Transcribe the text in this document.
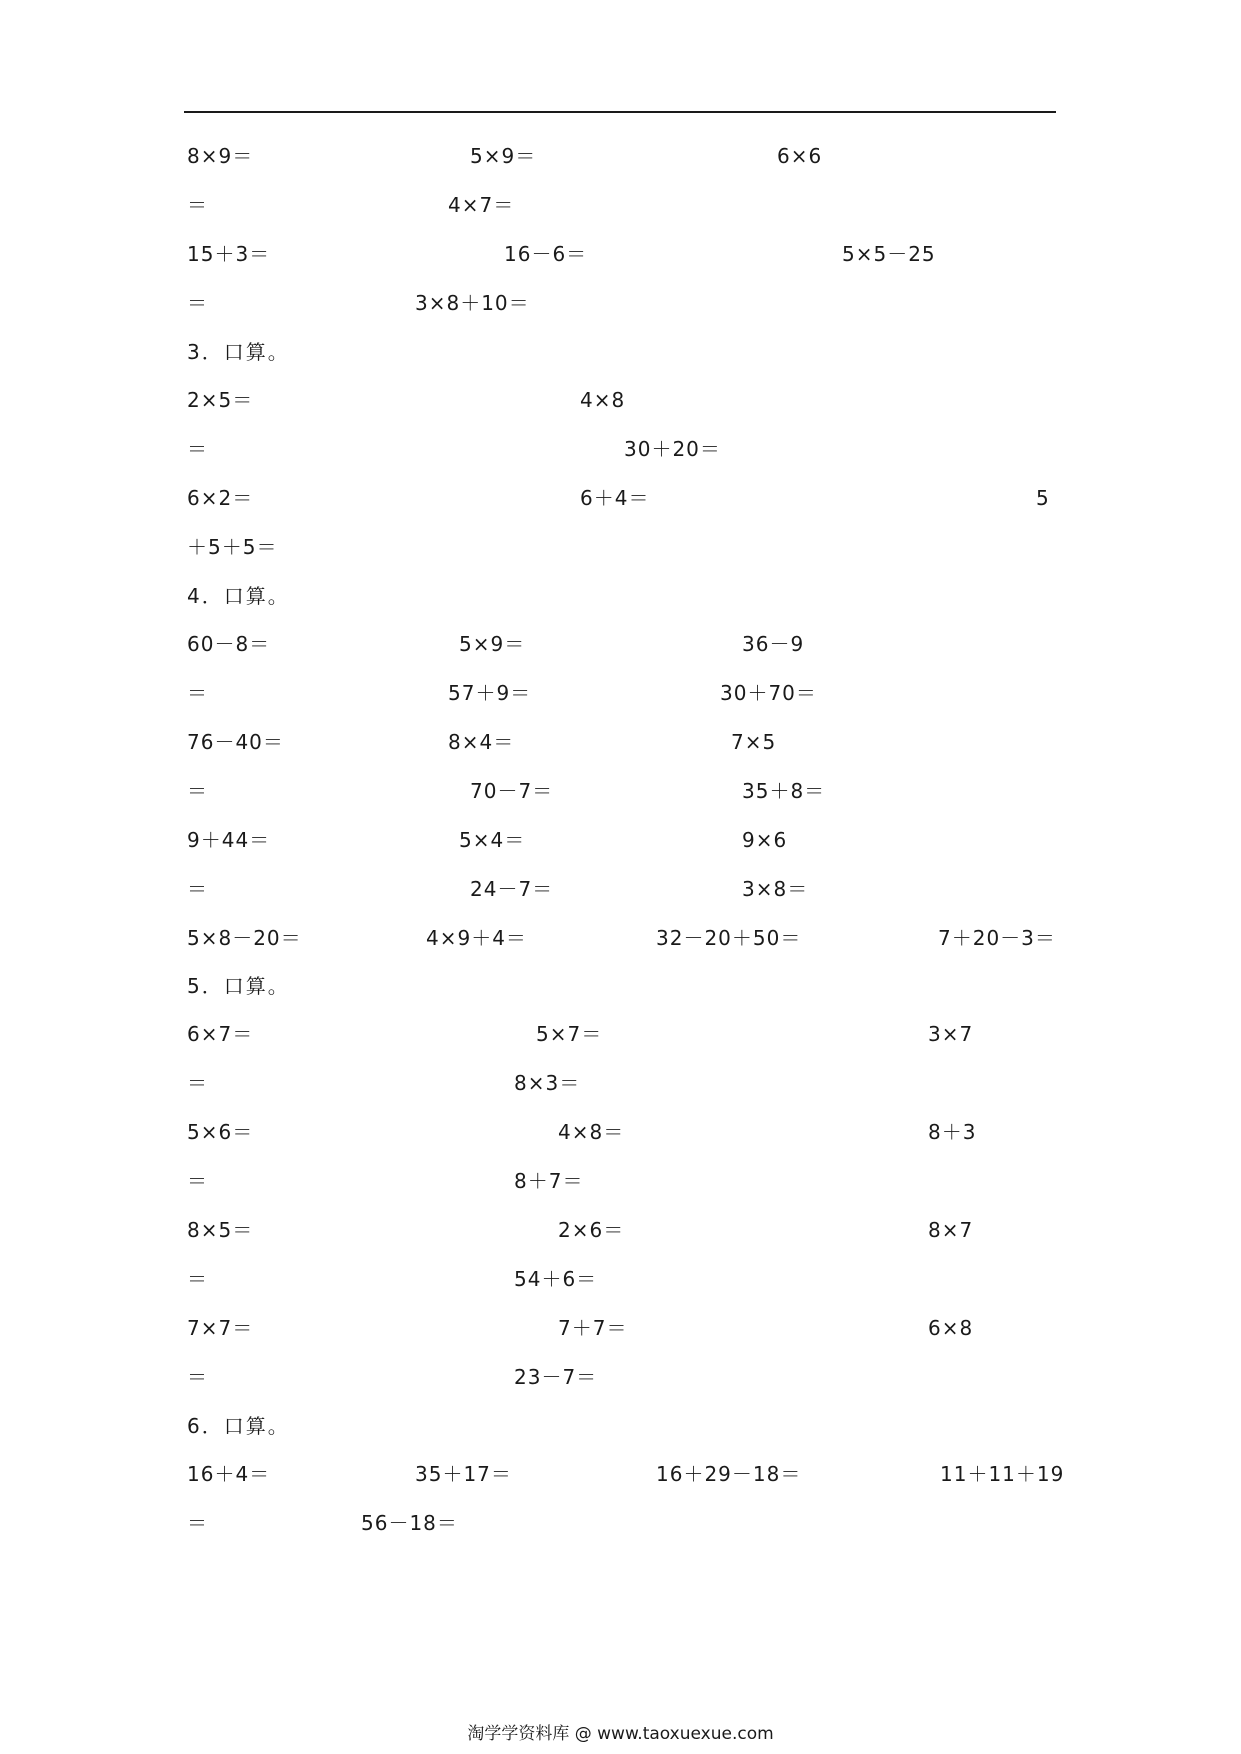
8×9＝	5×9＝	6×6
＝	4×7＝
15＋3＝	16－6＝	5×5－25
＝	3×8＋10＝
3．口算。
2×5＝	4×8
＝	30＋20＝
6×2＝	6＋4＝	5
＋5＋5＝
4．口算。
60－8＝	5×9＝	36－9
＝	57＋9＝	30＋70＝
76－40＝	8×4＝	7×5
＝	70－7＝	35＋8＝
9＋44＝	5×4＝	9×6
＝	24－7＝	3×8＝
5×8－20＝	4×9＋4＝	32－20＋50＝	7＋20－3＝
5．口算。
6×7＝	5×7＝	3×7
＝	8×3＝
5×6＝	4×8＝	8＋3
＝	8＋7＝
8×5＝	2×6＝	8×7
＝	54＋6＝
7×7＝	7＋7＝	6×8
＝	23－7＝
6．口算。
16＋4＝	35＋17＝	16＋29－18＝	11＋11＋19
＝	56－18＝
淘学学资料库 @ www.taoxuexue.com
